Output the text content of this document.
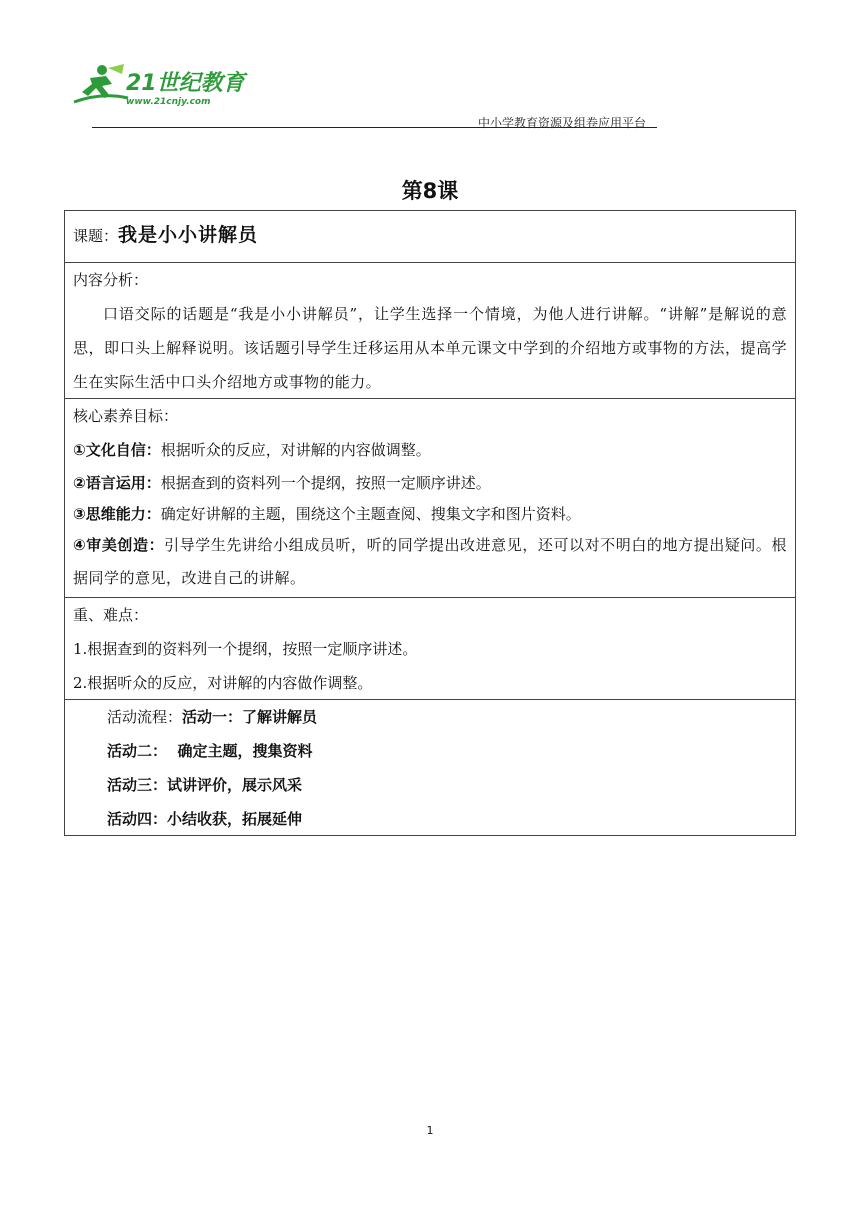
21世纪教育
www.21cnjy.com
中小学教育资源及组卷应用平台
第8课
课题：我是小小讲解员
内容分析：
口语交际的话题是“我是小小讲解员”，让学生选择一个情境，为他人进行讲解。“讲解”是解说的意思，即口头上解释说明。该话题引导学生迁移运用从本单元课文中学到的介绍地方或事物的方法，提高学生在实际生活中口头介绍地方或事物的能力。
核心素养目标：
①文化自信：根据听众的反应，对讲解的内容做调整。
②语言运用：根据查到的资料列一个提纲，按照一定顺序讲述。
③思维能力：确定好讲解的主题，围绕这个主题查阅、搜集文字和图片资料。
④审美创造：引导学生先讲给小组成员听，听的同学提出改进意见，还可以对不明白的地方提出疑问。根据同学的意见，改进自己的讲解。
重、难点：
1.根据查到的资料列一个提纲，按照一定顺序讲述。
2.根据听众的反应，对讲解的内容做作调整。
活动流程：活动一：了解讲解员
活动二：  确定主题，搜集资料
活动三：试讲评价，展示风采
活动四：小结收获，拓展延伸
1
